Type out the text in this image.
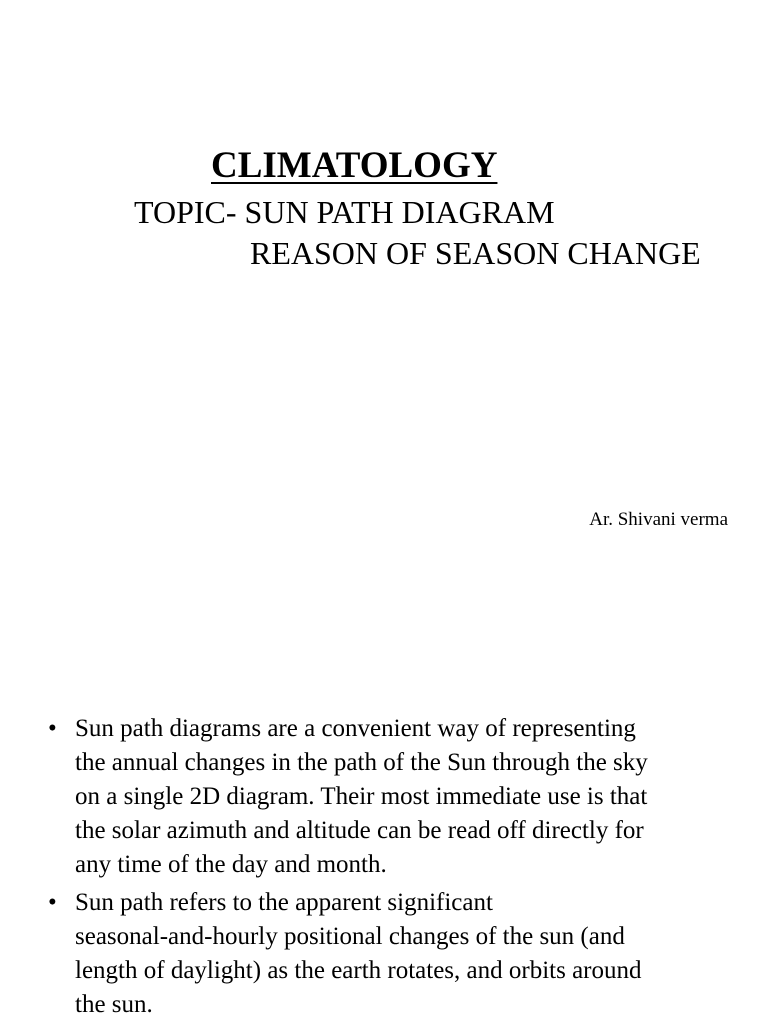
CLIMATOLOGY
TOPIC- SUN PATH DIAGRAM
REASON OF SEASON CHANGE
Ar. Shivani verma
• Sun path diagrams are a convenient way of representing
the annual changes in the path of the Sun through the sky
on a single 2D diagram. Their most immediate use is that
the solar azimuth and altitude can be read off directly for
any time of the day and month.
• Sun path refers to the apparent significant
seasonal-and-hourly positional changes of the sun (and
length of daylight) as the earth rotates, and orbits around
the sun.
